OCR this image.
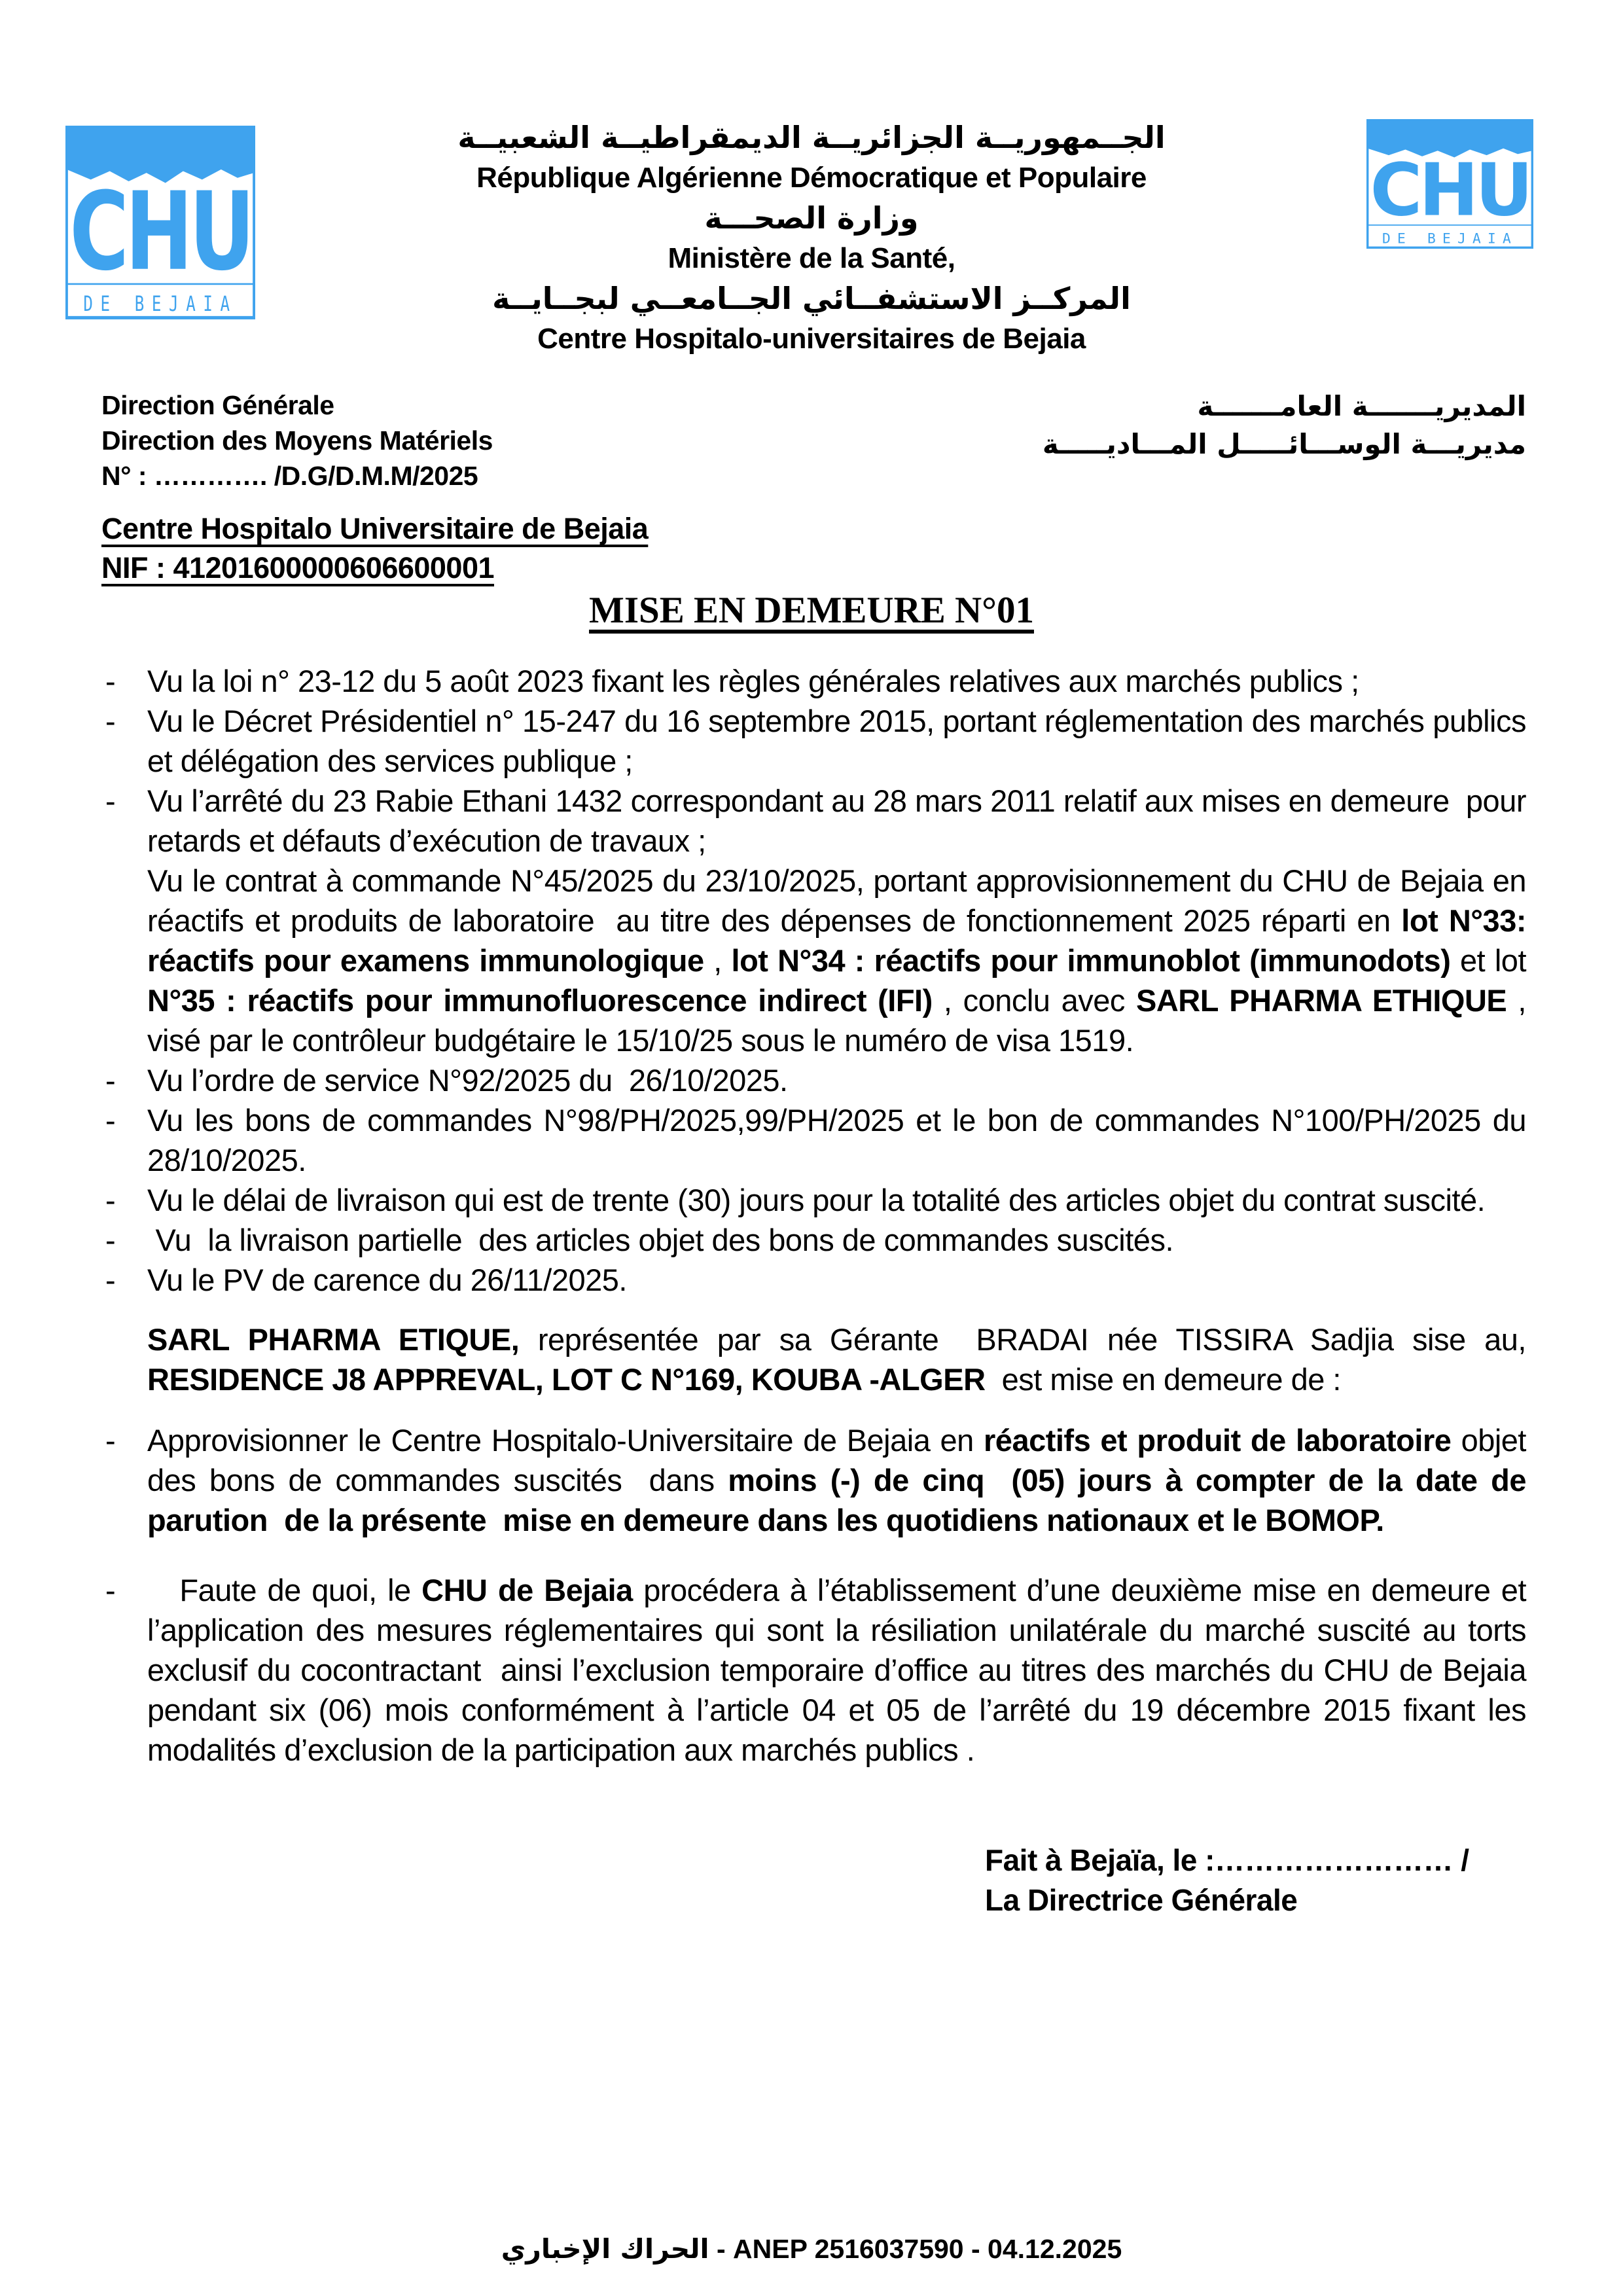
CHU
DE BEJAIA
CHU
DE BEJAIA
الجــمهوريــة الجزائريــة الديمقراطيــة الشعبيــة
République Algérienne Démocratique et Populaire
وزارة الصحـــة
Ministère de la Santé,
المركــز الاستشفــائي الجــامعــي لبجــايــة
Centre Hospitalo-universitaires de Bejaia
Direction Générale
Direction des Moyens Matériels
N° : …………. /D.G/D.M.M/2025
المديريـــــــة العامـــــــة
مديريـــة الوســـائـــــل المـــاديـــــة
Centre Hospitalo Universitaire de Bejaia
NIF : 41201600000606600001
MISE EN DEMEURE N°01
- Vu la loi n° 23-12 du 5 août 2023 fixant les règles générales relatives aux marchés publics ;
- Vu le Décret Présidentiel n° 15-247 du 16 septembre 2015, portant réglementation des marchés publics et délégation des services publique ;
- Vu l’arrêté du 23 Rabie Ethani 1432 correspondant au 28 mars 2011 relatif aux mises en demeure  pour retards et défauts d’exécution de travaux ;
Vu le contrat à commande N°45/2025 du 23/10/2025, portant approvisionnement du CHU de Bejaia en réactifs et produits de laboratoire  au titre des dépenses de fonctionnement 2025 réparti en lot N°33: réactifs pour examens immunologique , lot N°34 : réactifs pour immunoblot (immunodots) et lot N°35 : réactifs pour immunofluorescence indirect (IFI) , conclu avec SARL PHARMA ETHIQUE , visé par le contrôleur budgétaire le 15/10/25 sous le numéro de visa 1519.
- Vu l’ordre de service N°92/2025 du  26/10/2025.
- Vu les bons de commandes N°98/PH/2025,99/PH/2025 et le bon de commandes N°100/PH/2025 du 28/10/2025.
- Vu le délai de livraison qui est de trente (30) jours pour la totalité des articles objet du contrat suscité.
- Vu  la livraison partielle  des articles objet des bons de commandes suscités.
- Vu le PV de carence du 26/11/2025.
SARL PHARMA ETIQUE, représentée par sa Gérante  BRADAI née TISSIRA Sadjia sise au, RESIDENCE J8 APPREVAL, LOT C N°169, KOUBA -ALGER  est mise en demeure de :
- Approvisionner le Centre Hospitalo-Universitaire de Bejaia en réactifs et produit de laboratoire objet des bons de commandes suscités  dans moins (-) de cinq  (05) jours à compter de la date de parution  de la présente  mise en demeure dans les quotidiens nationaux et le BOMOP.
- Faute de quoi, le CHU de Bejaia procédera à l’établissement d’une deuxième mise en demeure et l’application des mesures réglementaires qui sont la résiliation unilatérale du marché suscité au torts exclusif du cocontractant  ainsi l’exclusion temporaire d’office au titres des marchés du CHU de Bejaia pendant six (06) mois conformément à l’article 04 et 05 de l’arrêté du 19 décembre 2015 fixant les modalités d’exclusion de la participation aux marchés publics .
Fait à Bejaïa, le :…………………… /
La Directrice Générale
الحراك الإخباري - ANEP 2516037590 - 04.12.2025
